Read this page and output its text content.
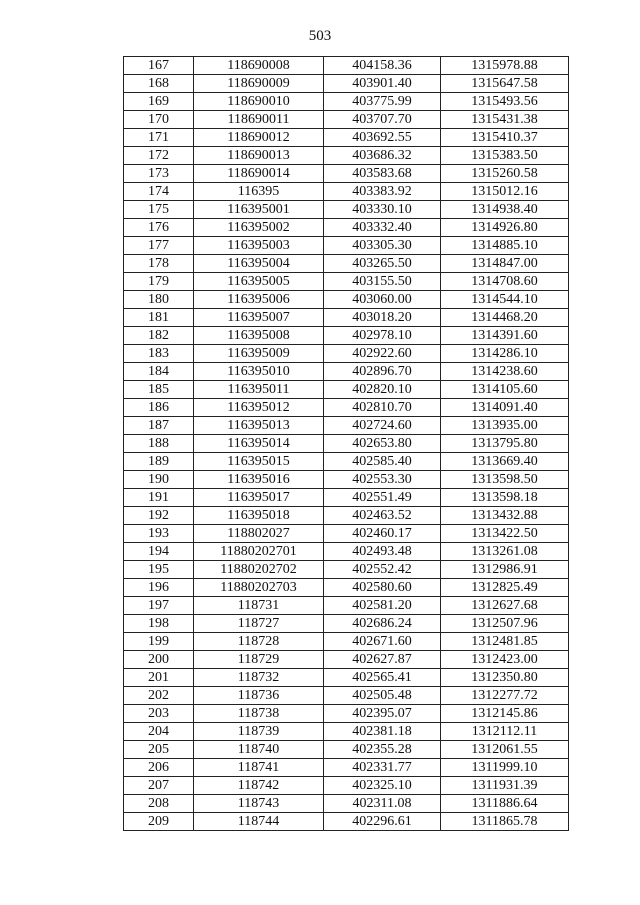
503
167	118690008	404158.36	1315978.88
168	118690009	403901.40	1315647.58
169	118690010	403775.99	1315493.56
170	118690011	403707.70	1315431.38
171	118690012	403692.55	1315410.37
172	118690013	403686.32	1315383.50
173	118690014	403583.68	1315260.58
174	116395	403383.92	1315012.16
175	116395001	403330.10	1314938.40
176	116395002	403332.40	1314926.80
177	116395003	403305.30	1314885.10
178	116395004	403265.50	1314847.00
179	116395005	403155.50	1314708.60
180	116395006	403060.00	1314544.10
181	116395007	403018.20	1314468.20
182	116395008	402978.10	1314391.60
183	116395009	402922.60	1314286.10
184	116395010	402896.70	1314238.60
185	116395011	402820.10	1314105.60
186	116395012	402810.70	1314091.40
187	116395013	402724.60	1313935.00
188	116395014	402653.80	1313795.80
189	116395015	402585.40	1313669.40
190	116395016	402553.30	1313598.50
191	116395017	402551.49	1313598.18
192	116395018	402463.52	1313432.88
193	118802027	402460.17	1313422.50
194	11880202701	402493.48	1313261.08
195	11880202702	402552.42	1312986.91
196	11880202703	402580.60	1312825.49
197	118731	402581.20	1312627.68
198	118727	402686.24	1312507.96
199	118728	402671.60	1312481.85
200	118729	402627.87	1312423.00
201	118732	402565.41	1312350.80
202	118736	402505.48	1312277.72
203	118738	402395.07	1312145.86
204	118739	402381.18	1312112.11
205	118740	402355.28	1312061.55
206	118741	402331.77	1311999.10
207	118742	402325.10	1311931.39
208	118743	402311.08	1311886.64
209	118744	402296.61	1311865.78
